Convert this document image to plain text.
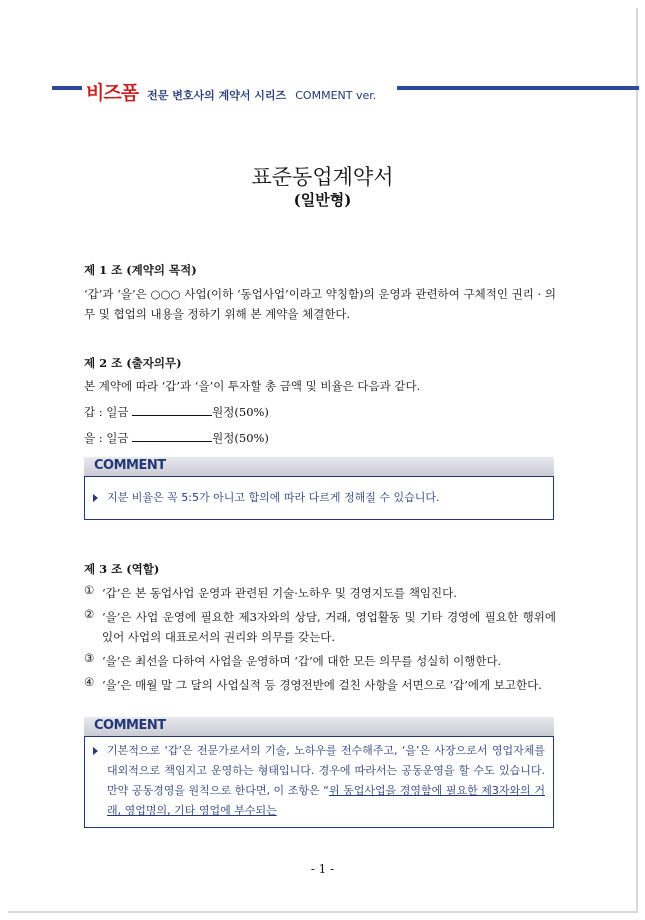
비즈폼 전문 변호사의 계약서 시리즈 COMMENT ver.
표준동업계약서
(일반형)
제 1 조 (계약의 목적)
‘갑’과 ‘을’은 ○○○ 사업(이하 ‘동업사업’이라고 약칭함)의 운영과 관련하여 구체적인 권리 · 의무 및 협업의 내용을 정하기 위해 본 계약을 체결한다.
제 2 조 (출자의무)
본 계약에 따라 ‘갑’과 ‘을’이 투자할 총 금액 및 비율은 다음과 같다.
갑 : 일금	원정(50%)
을 : 일금	원정(50%)
COMMENT
지분 비율은 꼭 5:5가 아니고 합의에 따라 다르게 정해질 수 있습니다.
제 3 조 (역할)
① ‘갑’은 본 동업사업 운영과 관련된 기술·노하우 및 경영지도를 책임진다.
② ‘을’은 사업 운영에 필요한 제3자와의 상담, 거래, 영업활동 및 기타 경영에 필요한 행위에 있어 사업의 대표로서의 권리와 의무를 갖는다.
③ ‘을’은 최선을 다하여 사업을 운영하며 ‘갑’에 대한 모든 의무를 성실히 이행한다.
④ ‘을’은 매월 말 그 달의 사업실적 등 경영전반에 걸친 사항을 서면으로 ‘갑’에게 보고한다.
COMMENT
기본적으로 ‘갑’은 전문가로서의 기술, 노하우를 전수해주고, ‘을’은 사장으로서 영업자체를 대외적으로 책임지고 운영하는 형태입니다. 경우에 따라서는 공동운영을 할 수도 있습니다. 만약 공동경영을 원칙으로 한다면, 이 조항은 “위 동업사업을 경영함에 필요한 제3자와의 거래, 영업명의, 기타 영업에 부수되는
- 1 -
